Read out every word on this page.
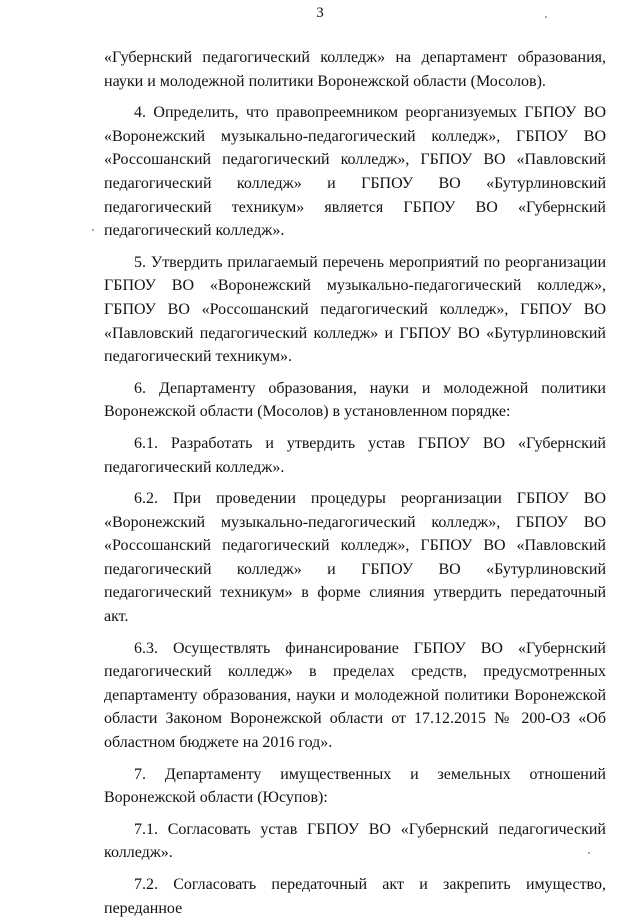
3

«Губернский педагогический колледж» на департамент образования, науки и молодежной политики Воронежской области (Мосолов).

4. Определить, что правопреемником реорганизуемых ГБПОУ ВО «Воронежский музыкально-педагогический колледж», ГБПОУ ВО «Россошанский педагогический колледж», ГБПОУ ВО «Павловский педагогический колледж» и ГБПОУ ВО «Бутурлиновский педагогический техникум» является ГБПОУ ВО «Губернский педагогический колледж».

5. Утвердить прилагаемый перечень мероприятий по реорганизации ГБПОУ ВО «Воронежский музыкально-педагогический колледж», ГБПОУ ВО «Россошанский педагогический колледж», ГБПОУ ВО «Павловский педагогический колледж» и ГБПОУ ВО «Бутурлиновский педагогический техникум».

6. Департаменту образования, науки и молодежной политики Воронежской области (Мосолов) в установленном порядке:

6.1. Разработать и утвердить устав ГБПОУ ВО «Губернский педагогический колледж».

6.2. При проведении процедуры реорганизации ГБПОУ ВО «Воронежский музыкально-педагогический колледж», ГБПОУ ВО «Россошанский педагогический колледж», ГБПОУ ВО «Павловский педагогический колледж» и ГБПОУ ВО «Бутурлиновский педагогический техникум» в форме слияния утвердить передаточный акт.

6.3. Осуществлять финансирование ГБПОУ ВО «Губернский педагогический колледж» в пределах средств, предусмотренных департаменту образования, науки и молодежной политики Воронежской области Законом Воронежской области от 17.12.2015 № 200-ОЗ «Об областном бюджете на 2016 год».

7. Департаменту имущественных и земельных отношений Воронежской области (Юсупов):

7.1. Согласовать устав ГБПОУ ВО «Губернский педагогический колледж».

7.2. Согласовать передаточный акт и закрепить имущество, переданное
